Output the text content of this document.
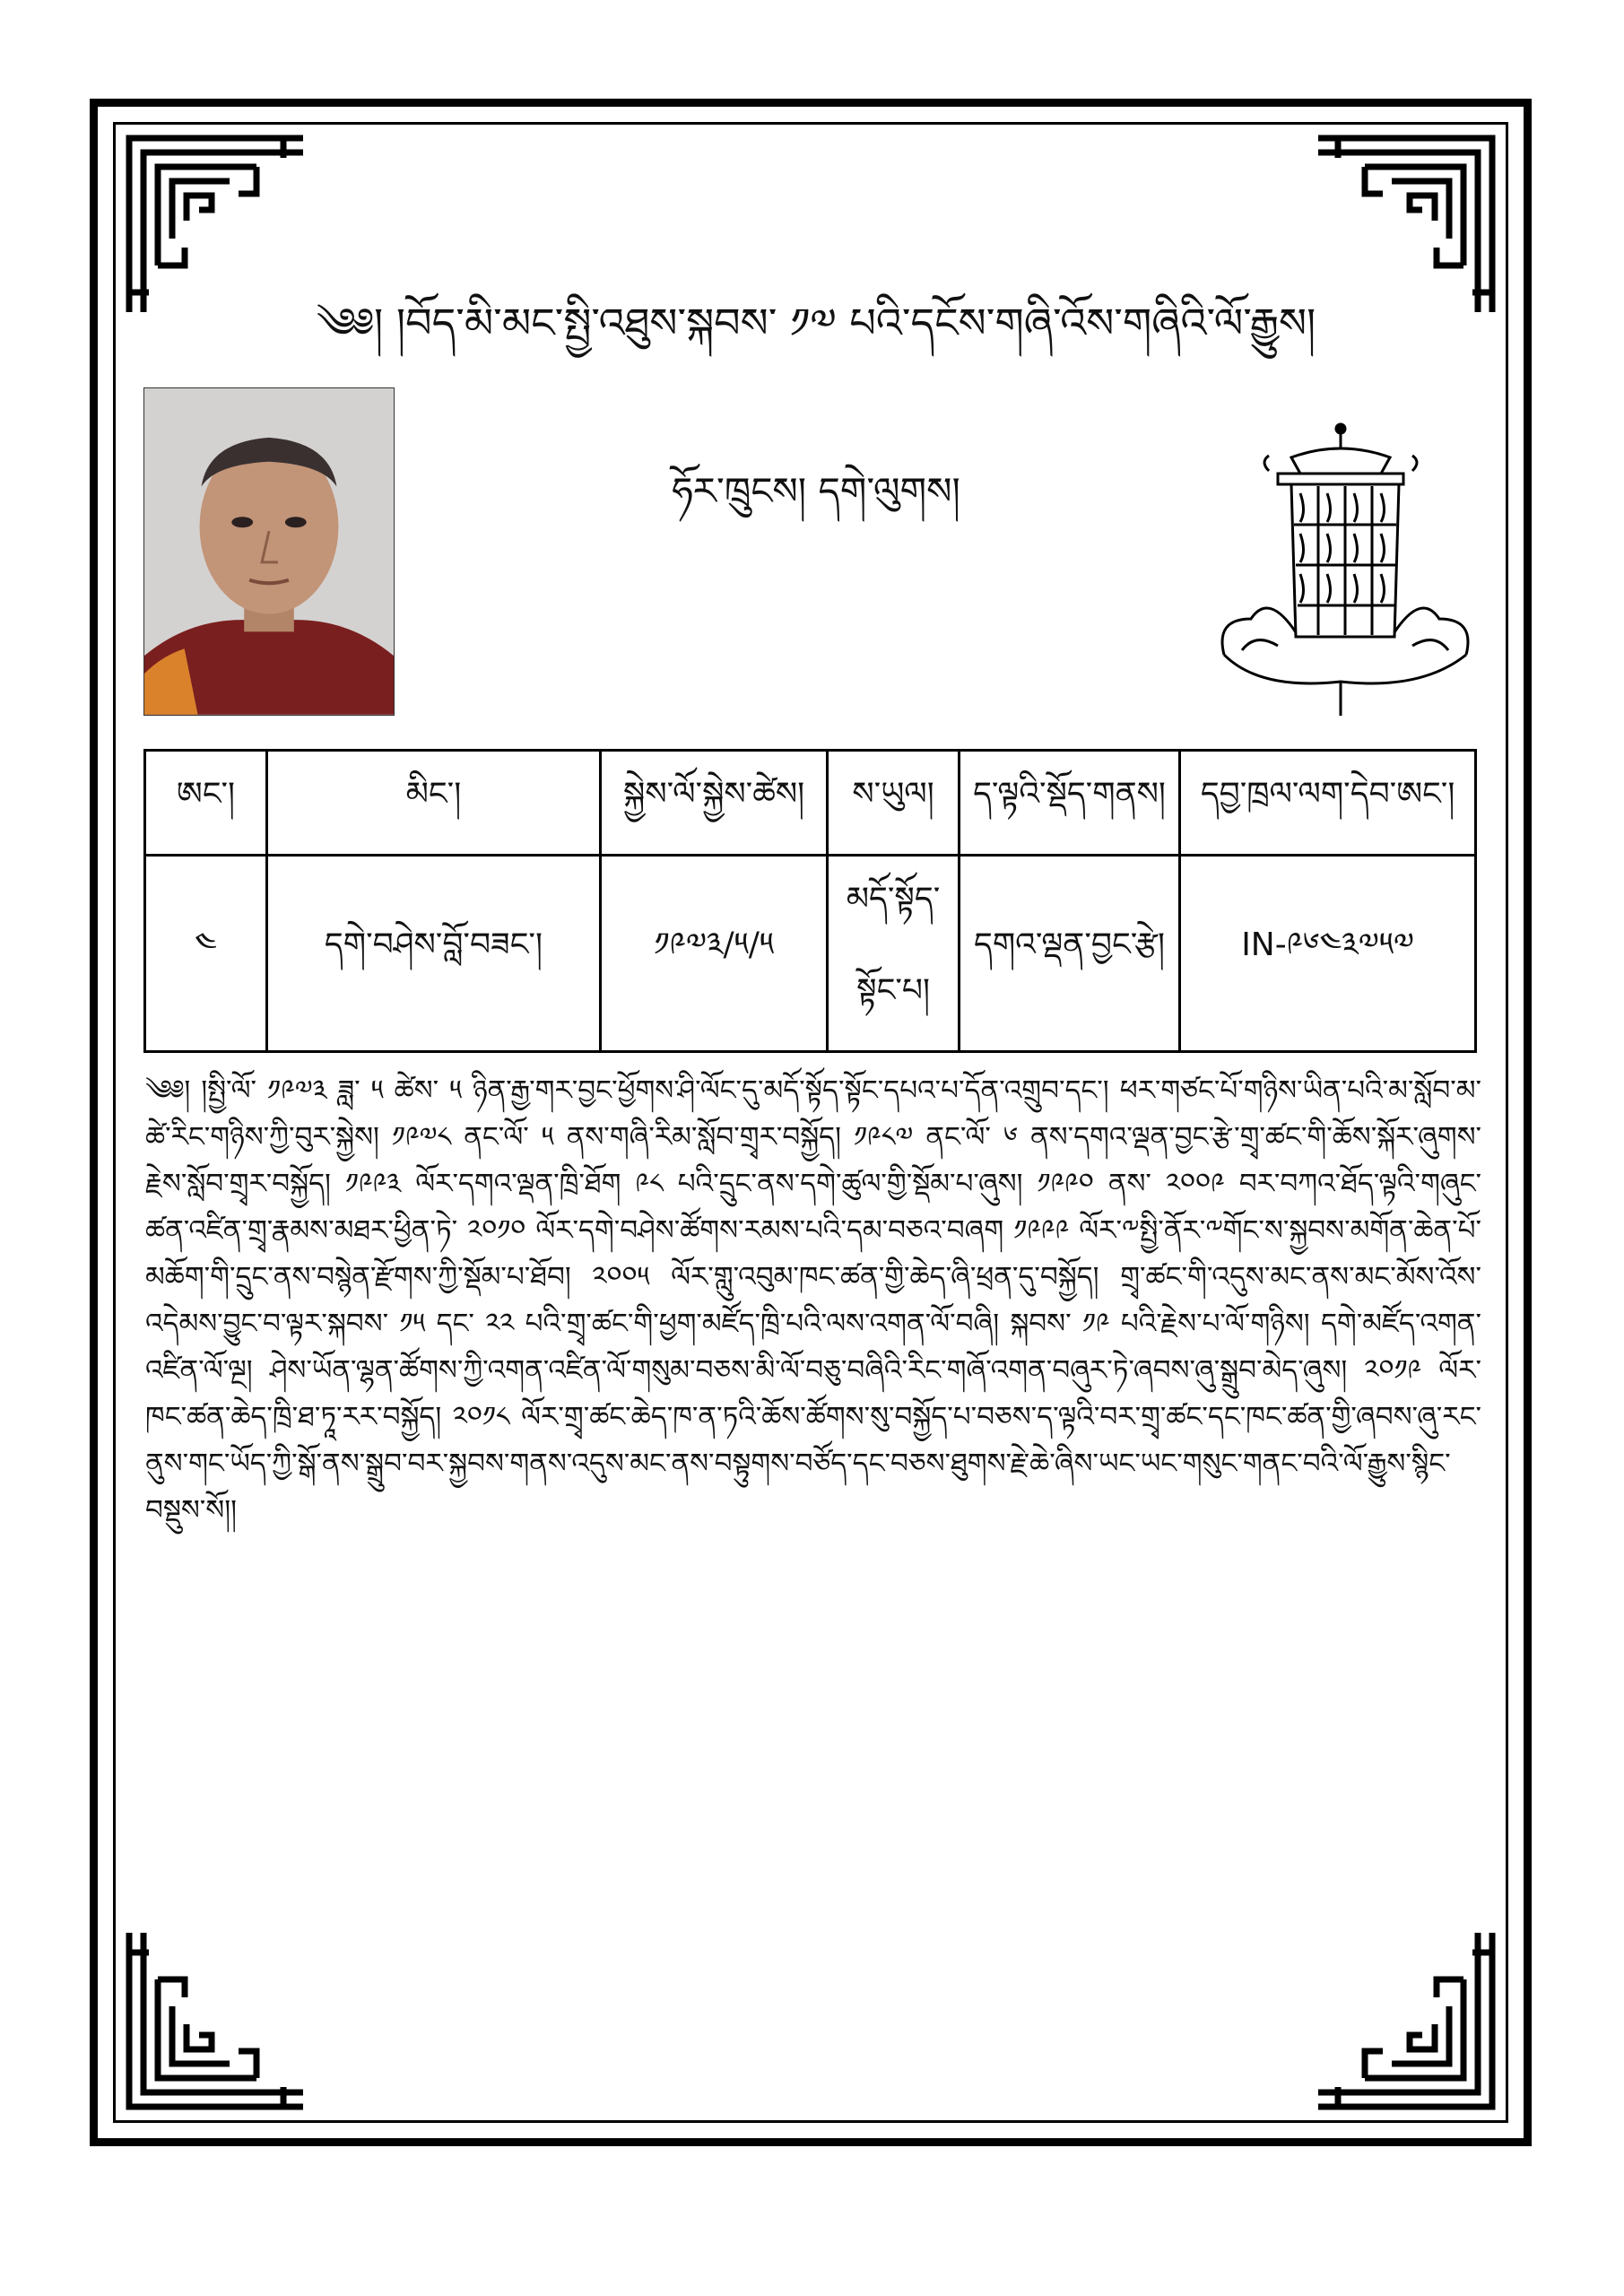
༄༅། །བོད་མི་མང་སྤྱི་འཐུས་སྐབས་ ༡༧ པའི་དངོས་གཞི་འོས་གཞིའི་ལོ་རྒྱུས།
ཧོར་ཁྲུངས། དགེ་ལུགས།
ཨང་།	མིང་།	སྐྱེས་ལོ་སྐྱེས་ཚེས།	ས་ཡུལ།	ད་ལྟའི་སྡོད་གནས།	དབྱ་ཁྲལ་ལག་དེབ་ཨང་།
༤	དགེ་བཤེས་བློ་བཟང་།	༡༩༧༣/༥/༥	མདོ་སྟོད་སྟོང་པ།	དགའ་ལྡན་བྱང་རྩེ།	IN-༩༦༤༣༧༥༧

༄༅། །སྤྱི་ལོ་ ༡༩༧༣ ཟླ་ ༥ ཚེས་ ༥ ཉིན་རྒྱ་གར་བྱང་ཕྱོགས་ཤི་ལོང་དུ་མདོ་སྟོད་སྟོང་དཔའ་པ་དོན་འགྲུབ་དང་། ཕར་གཙང་པོ་གཉིས་ཡིན་པའི་མ་སློབ་མ་ཚེ་རིང་གཉིས་ཀྱི་བུར་སྐྱེས། ༡༩༧༨ ནང་ལོ་ ༥ ནས་གཞི་རིམ་སློབ་གྲྭར་བསྐྱོད། ༡༩༨༧ ནང་ལོ་ ༦ ནས་དགའ་ལྡན་བྱང་རྩེ་གྲྭ་ཚང་གི་ཆོས་སྐོར་ཞུགས་རྗེས་སློབ་གྲྭར་བསྐྱོད། ༡༩༩༣ ལོར་དགའ་ལྡན་ཁྲི་ཐོག ༩༨ པའི་དྲུང་ནས་དགེ་ཚུལ་གྱི་སྡོམ་པ་ཞུས། ༡༩༩༠ ནས་ ༢༠༠༩ བར་བཀའ་ཐོད་ལྟའི་གཞུང་ཚན་འཛིན་གྲྭ་རྣམས་མཐར་ཕྱིན་ཏེ་ ༢༠༡༠ ལོར་དགེ་བཤེས་ཚོགས་རམས་པའི་དམ་བཅའ་བཞག ༡༩༩༩ ལོར་༸སྤྱི་ནོར་༸གོང་ས་སྐྱབས་མགོན་ཆེན་པོ་མཆོག་གི་དྲུང་ནས་བསྙེན་རྫོགས་ཀྱི་སྡོམ་པ་ཐོབ། ༢༠༠༥ ལོར་གླུ་འབུམ་ཁང་ཚན་གྱི་ཆེད་ཞི་ཕྲན་དུ་བསྐྱོད། གྲྭ་ཚང་གི་འདུས་མང་ནས་མང་མོས་འོས་འདེམས་བྱུང་བ་ལྟར་སྐབས་ ༡༥ དང་ ༢༢ པའི་གྲྭ་ཚང་གི་ཕྱག་མཛོད་ཁྲི་པའི་ལས་འགན་ལོ་བཞི། སྐབས་ ༡༩ པའི་རྗེས་པ་ལོ་གཉིས། དགེ་མཛོད་འགན་འཛིན་ལོ་ལྔ། ཤེས་ཡོན་ལྷན་ཚོགས་ཀྱི་འགན་འཛིན་ལོ་གསུམ་བཅས་མི་ལོ་བཅུ་བཞིའི་རིང་གཞོ་འགན་བཞུར་ཏེ་ཞབས་ཞུ་སྒྲུབ་མེད་ཞུས། ༢༠༡༩ ལོར་ཁང་ཚན་ཆེད་ཁྲི་ཐ་ཏཱ་རར་བསྐྱོད། ༢༠༡༨ ལོར་གྲྭ་ཚང་ཆེད་ཁ་ན་ཏའི་ཆོས་ཚོགས་སུ་བསྐྱོད་པ་བཅས་ད་ལྟའི་བར་གྲྭ་ཚང་དང་ཁང་ཚན་གྱི་ཞབས་ཞུ་རང་ནུས་གང་ཡོད་ཀྱི་སྒོ་ནས་སྒྲུབ་བར་སྐྱབས་གནས་འདུས་མང་ནས་བསྟུགས་བཙོད་དང་བཅས་ཐུགས་རྗེ་ཆེ་ཞིས་ཡང་ཡང་གསུང་གནང་བའི་ལོ་རྒྱུས་སྙིང་བསྡུས་སོ།།
